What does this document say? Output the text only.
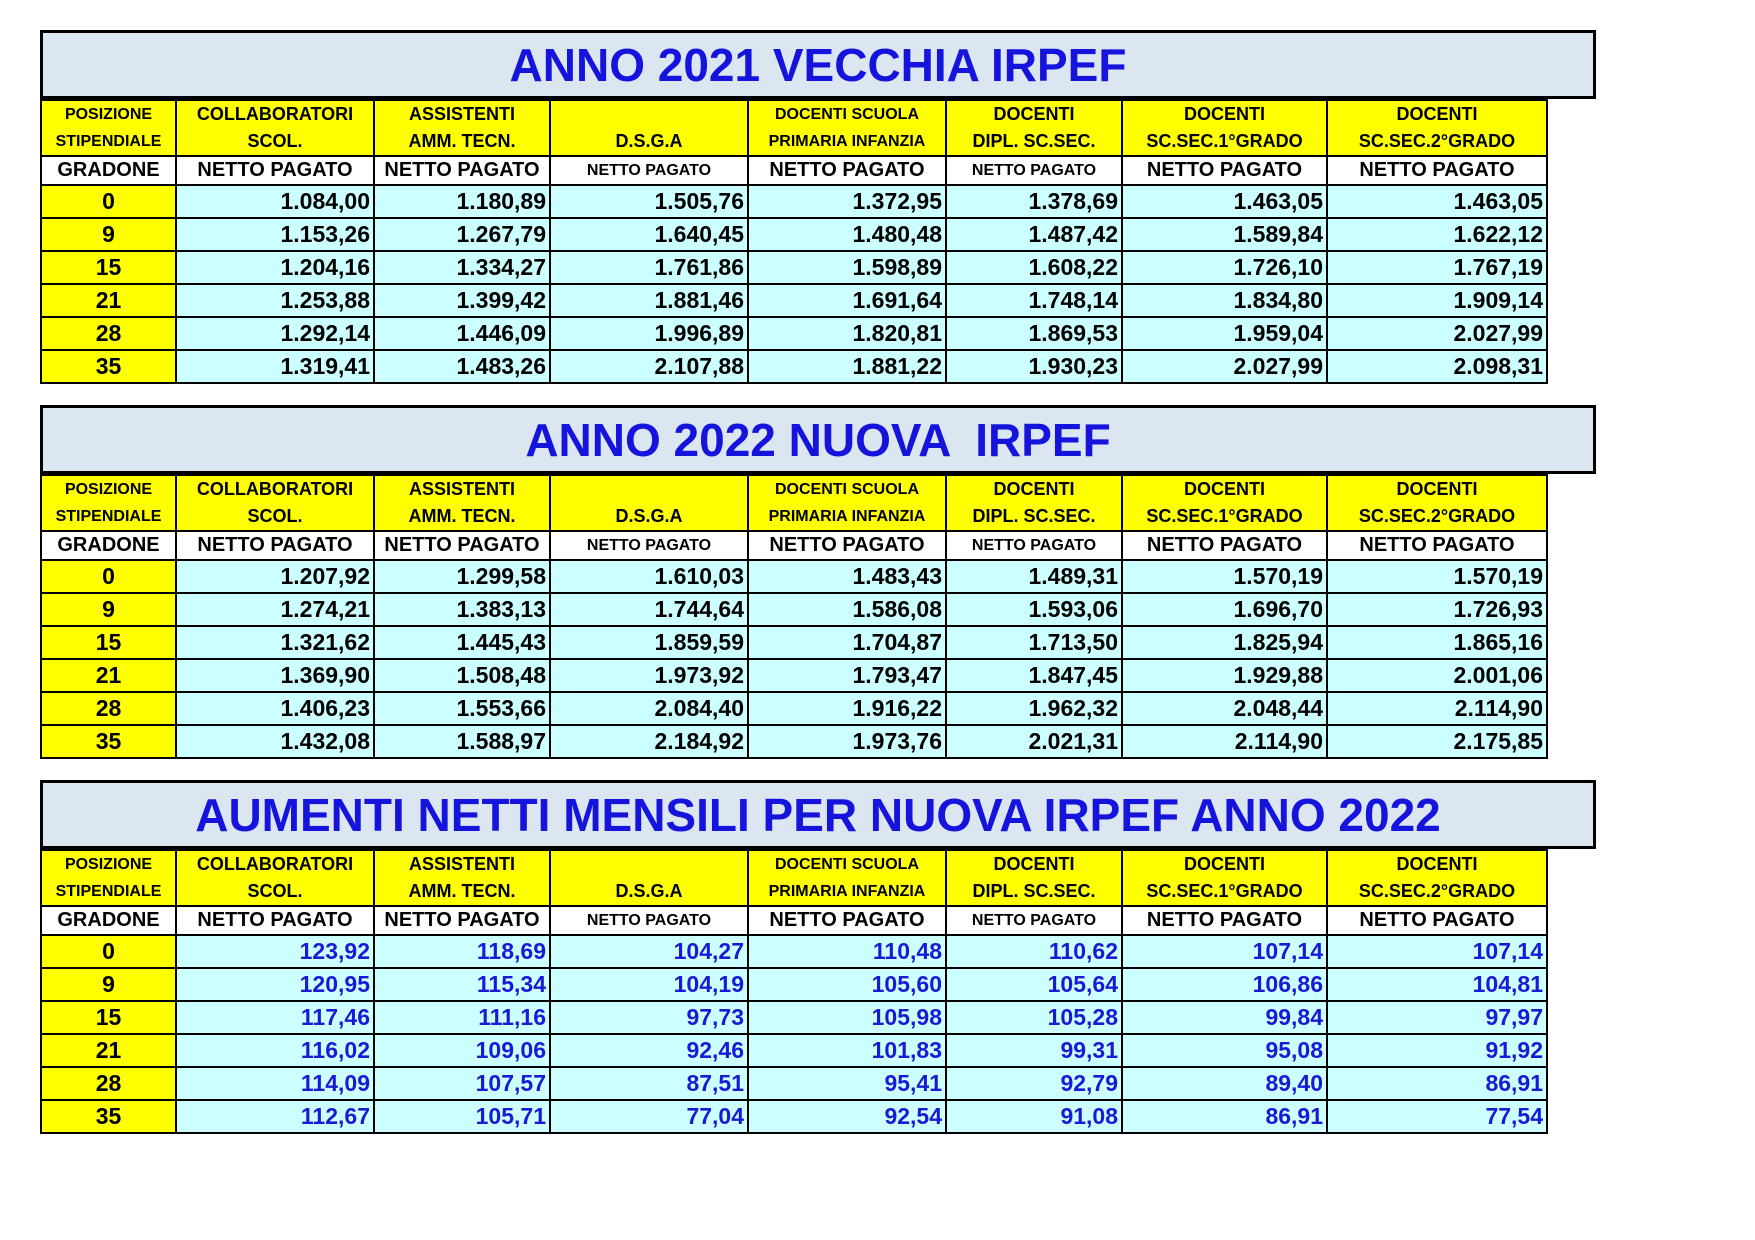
ANNO 2021 VECCHIA IRPEF
POSIZIONE	COLLABORATORI	ASSISTENTI		DOCENTI SCUOLA	DOCENTI	DOCENTI	DOCENTI
STIPENDIALE	SCOL.	AMM. TECN.	D.S.G.A	PRIMARIA INFANZIA	DIPL. SC.SEC.	SC.SEC.1°GRADO	SC.SEC.2°GRADO
GRADONE	NETTO PAGATO	NETTO PAGATO	NETTO PAGATO	NETTO PAGATO	NETTO PAGATO	NETTO PAGATO	NETTO PAGATO
0	1.084,00	1.180,89	1.505,76	1.372,95	1.378,69	1.463,05	1.463,05
9	1.153,26	1.267,79	1.640,45	1.480,48	1.487,42	1.589,84	1.622,12
15	1.204,16	1.334,27	1.761,86	1.598,89	1.608,22	1.726,10	1.767,19
21	1.253,88	1.399,42	1.881,46	1.691,64	1.748,14	1.834,80	1.909,14
28	1.292,14	1.446,09	1.996,89	1.820,81	1.869,53	1.959,04	2.027,99
35	1.319,41	1.483,26	2.107,88	1.881,22	1.930,23	2.027,99	2.098,31
ANNO 2022 NUOVA  IRPEF
POSIZIONE	COLLABORATORI	ASSISTENTI		DOCENTI SCUOLA	DOCENTI	DOCENTI	DOCENTI
STIPENDIALE	SCOL.	AMM. TECN.	D.S.G.A	PRIMARIA INFANZIA	DIPL. SC.SEC.	SC.SEC.1°GRADO	SC.SEC.2°GRADO
GRADONE	NETTO PAGATO	NETTO PAGATO	NETTO PAGATO	NETTO PAGATO	NETTO PAGATO	NETTO PAGATO	NETTO PAGATO
0	1.207,92	1.299,58	1.610,03	1.483,43	1.489,31	1.570,19	1.570,19
9	1.274,21	1.383,13	1.744,64	1.586,08	1.593,06	1.696,70	1.726,93
15	1.321,62	1.445,43	1.859,59	1.704,87	1.713,50	1.825,94	1.865,16
21	1.369,90	1.508,48	1.973,92	1.793,47	1.847,45	1.929,88	2.001,06
28	1.406,23	1.553,66	2.084,40	1.916,22	1.962,32	2.048,44	2.114,90
35	1.432,08	1.588,97	2.184,92	1.973,76	2.021,31	2.114,90	2.175,85
AUMENTI NETTI MENSILI PER NUOVA IRPEF ANNO 2022
POSIZIONE	COLLABORATORI	ASSISTENTI		DOCENTI SCUOLA	DOCENTI	DOCENTI	DOCENTI
STIPENDIALE	SCOL.	AMM. TECN.	D.S.G.A	PRIMARIA INFANZIA	DIPL. SC.SEC.	SC.SEC.1°GRADO	SC.SEC.2°GRADO
GRADONE	NETTO PAGATO	NETTO PAGATO	NETTO PAGATO	NETTO PAGATO	NETTO PAGATO	NETTO PAGATO	NETTO PAGATO
0	123,92	118,69	104,27	110,48	110,62	107,14	107,14
9	120,95	115,34	104,19	105,60	105,64	106,86	104,81
15	117,46	111,16	97,73	105,98	105,28	99,84	97,97
21	116,02	109,06	92,46	101,83	99,31	95,08	91,92
28	114,09	107,57	87,51	95,41	92,79	89,40	86,91
35	112,67	105,71	77,04	92,54	91,08	86,91	77,54
